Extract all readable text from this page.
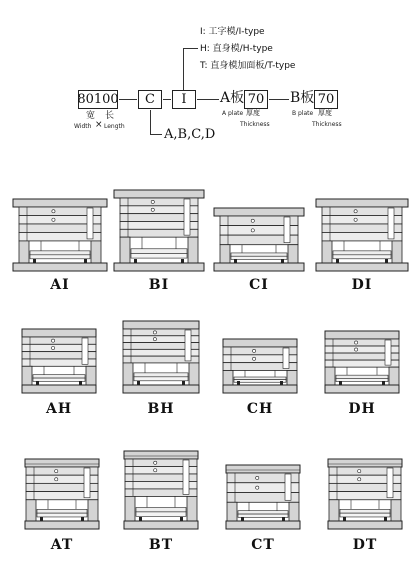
I: 工字模/I-type
H: 直身模/H-type
T: 直身模加面板/T-type
80100	C	I	A板 70 B板 70
A,B,C,D
宽 长
Width × Length
A plate 厚度
Thickness
B plate 厚度
Thickness
AI	BI	CI	DI
AH	BH	CH	DH
AT	BT	CT	DT
